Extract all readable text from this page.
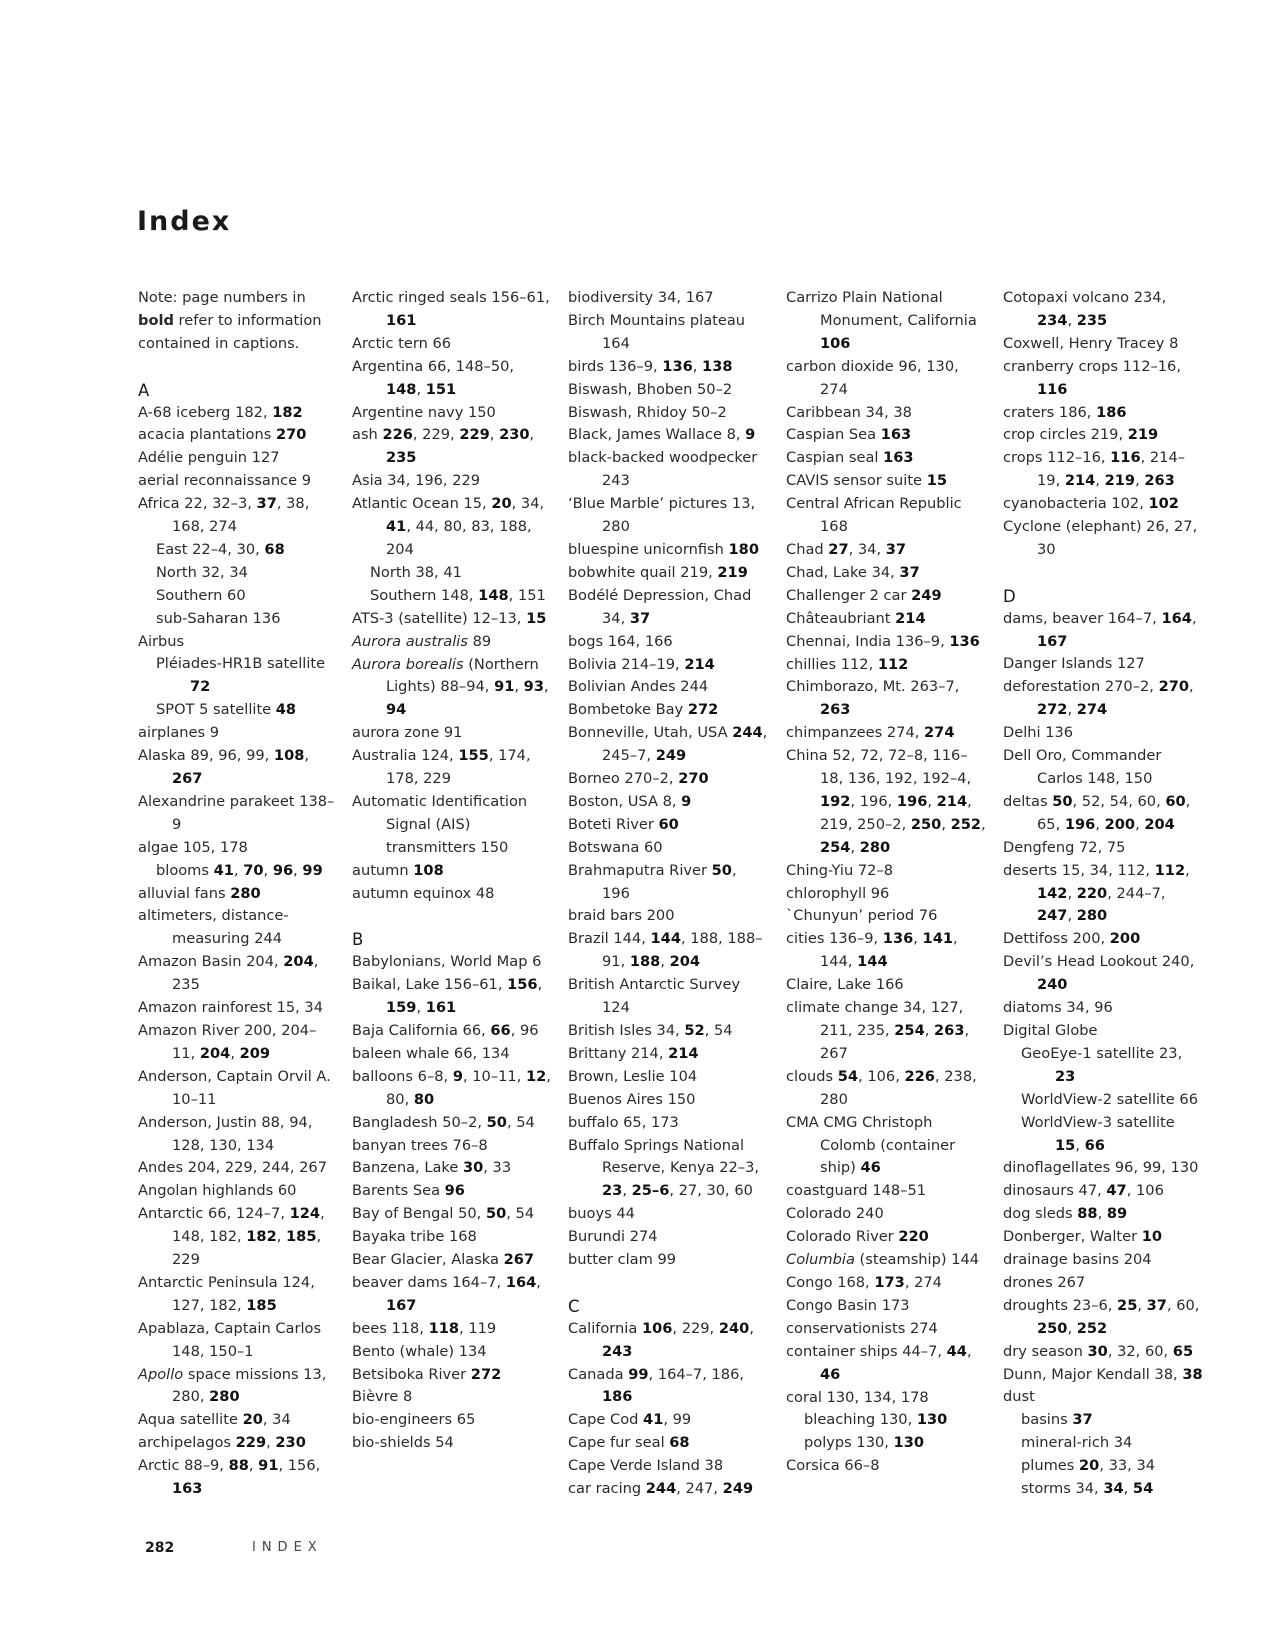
Index
Note: page numbers in bold refer to information contained in captions.
A
A-68 iceberg 182, 182
acacia plantations 270
Adélie penguin 127
aerial reconnaissance 9
Africa 22, 32–3, 37, 38, 168, 274
East 22–4, 30, 68
North 32, 34
Southern 60
sub-Saharan 136
Airbus
Pléiades-HR1B satellite 72
SPOT 5 satellite 48
airplanes 9
Alaska 89, 96, 99, 108, 267
Alexandrine parakeet 138–9
algae 105, 178
blooms 41, 70, 96, 99
alluvial fans 280
altimeters, distance-measuring 244
Amazon Basin 204, 204, 235
Amazon rainforest 15, 34
Amazon River 200, 204–11, 204, 209
Anderson, Captain Orvil A. 10–11
Anderson, Justin 88, 94, 128, 130, 134
Andes 204, 229, 244, 267
Angolan highlands 60
Antarctic 66, 124–7, 124, 148, 182, 182, 185, 229
Antarctic Peninsula 124, 127, 182, 185
Apablaza, Captain Carlos 148, 150–1
Apollo space missions 13, 280, 280
Aqua satellite 20, 34
archipelagos 229, 230
Arctic 88–9, 88, 91, 156, 163
Arctic ringed seals 156–61, 161
Arctic tern 66
Argentina 66, 148–50, 148, 151
Argentine navy 150
ash 226, 229, 229, 230, 235
Asia 34, 196, 229
Atlantic Ocean 15, 20, 34, 41, 44, 80, 83, 188, 204
North 38, 41
Southern 148, 148, 151
ATS-3 (satellite) 12–13, 15
Aurora australis 89
Aurora borealis (Northern Lights) 88–94, 91, 93, 94
aurora zone 91
Australia 124, 155, 174, 178, 229
Automatic Identification Signal (AIS) transmitters 150
autumn 108
autumn equinox 48
B
Babylonians, World Map 6
Baikal, Lake 156–61, 156, 159, 161
Baja California 66, 66, 96
baleen whale 66, 134
balloons 6–8, 9, 10–11, 12, 80, 80
Bangladesh 50–2, 50, 54
banyan trees 76–8
Banzena, Lake 30, 33
Barents Sea 96
Bay of Bengal 50, 50, 54
Bayaka tribe 168
Bear Glacier, Alaska 267
beaver dams 164–7, 164, 167
bees 118, 118, 119
Bento (whale) 134
Betsiboka River 272
Bièvre 8
bio-engineers 65
bio-shields 54
biodiversity 34, 167
Birch Mountains plateau 164
birds 136–9, 136, 138
Biswash, Bhoben 50–2
Biswash, Rhidoy 50–2
Black, James Wallace 8, 9
black-backed woodpecker 243
‘Blue Marble’ pictures 13, 280
bluespine unicornfish 180
bobwhite quail 219, 219
Bodélé Depression, Chad 34, 37
bogs 164, 166
Bolivia 214–19, 214
Bolivian Andes 244
Bombetoke Bay 272
Bonneville, Utah, USA 244, 245–7, 249
Borneo 270–2, 270
Boston, USA 8, 9
Boteti River 60
Botswana 60
Brahmaputra River 50, 196
braid bars 200
Brazil 144, 144, 188, 188–91, 188, 204
British Antarctic Survey 124
British Isles 34, 52, 54
Brittany 214, 214
Brown, Leslie 104
Buenos Aires 150
buffalo 65, 173
Buffalo Springs National Reserve, Kenya 22–3, 23, 25–6, 27, 30, 60
buoys 44
Burundi 274
butter clam 99
C
California 106, 229, 240, 243
Canada 99, 164–7, 186, 186
Cape Cod 41, 99
Cape fur seal 68
Cape Verde Island 38
car racing 244, 247, 249
Carrizo Plain National Monument, California 106
carbon dioxide 96, 130, 274
Caribbean 34, 38
Caspian Sea 163
Caspian seal 163
CAVIS sensor suite 15
Central African Republic 168
Chad 27, 34, 37
Chad, Lake 34, 37
Challenger 2 car 249
Châteaubriant 214
Chennai, India 136–9, 136
chillies 112, 112
Chimborazo, Mt. 263–7, 263
chimpanzees 274, 274
China 52, 72, 72–8, 116–18, 136, 192, 192–4, 192, 196, 196, 214, 219, 250–2, 250, 252, 254, 280
Ching-Yiu 72–8
chlorophyll 96
`Chunyun’ period 76
cities 136–9, 136, 141, 144, 144
Claire, Lake 166
climate change 34, 127, 211, 235, 254, 263, 267
clouds 54, 106, 226, 238, 280
CMA CMG Christoph Colomb (container ship) 46
coastguard 148–51
Colorado 240
Colorado River 220
Columbia (steamship) 144
Congo 168, 173, 274
Congo Basin 173
conservationists 274
container ships 44–7, 44, 46
coral 130, 134, 178
bleaching 130, 130
polyps 130, 130
Corsica 66–8
Cotopaxi volcano 234, 234, 235
Coxwell, Henry Tracey 8
cranberry crops 112–16, 116
craters 186, 186
crop circles 219, 219
crops 112–16, 116, 214–19, 214, 219, 263
cyanobacteria 102, 102
Cyclone (elephant) 26, 27, 30
D
dams, beaver 164–7, 164, 167
Danger Islands 127
deforestation 270–2, 270, 272, 274
Delhi 136
Dell Oro, Commander Carlos 148, 150
deltas 50, 52, 54, 60, 60, 65, 196, 200, 204
Dengfeng 72, 75
deserts 15, 34, 112, 112, 142, 220, 244–7, 247, 280
Dettifoss 200, 200
Devil’s Head Lookout 240, 240
diatoms 34, 96
Digital Globe
GeoEye-1 satellite 23, 23
WorldView-2 satellite 66
WorldView-3 satellite 15, 66
dinoflagellates 96, 99, 130
dinosaurs 47, 47, 106
dog sleds 88, 89
Donberger, Walter 10
drainage basins 204
drones 267
droughts 23–6, 25, 37, 60, 250, 252
dry season 30, 32, 60, 65
Dunn, Major Kendall 38, 38
dust
basins 37
mineral-rich 34
plumes 20, 33, 34
storms 34, 34, 54
282	INDEX
